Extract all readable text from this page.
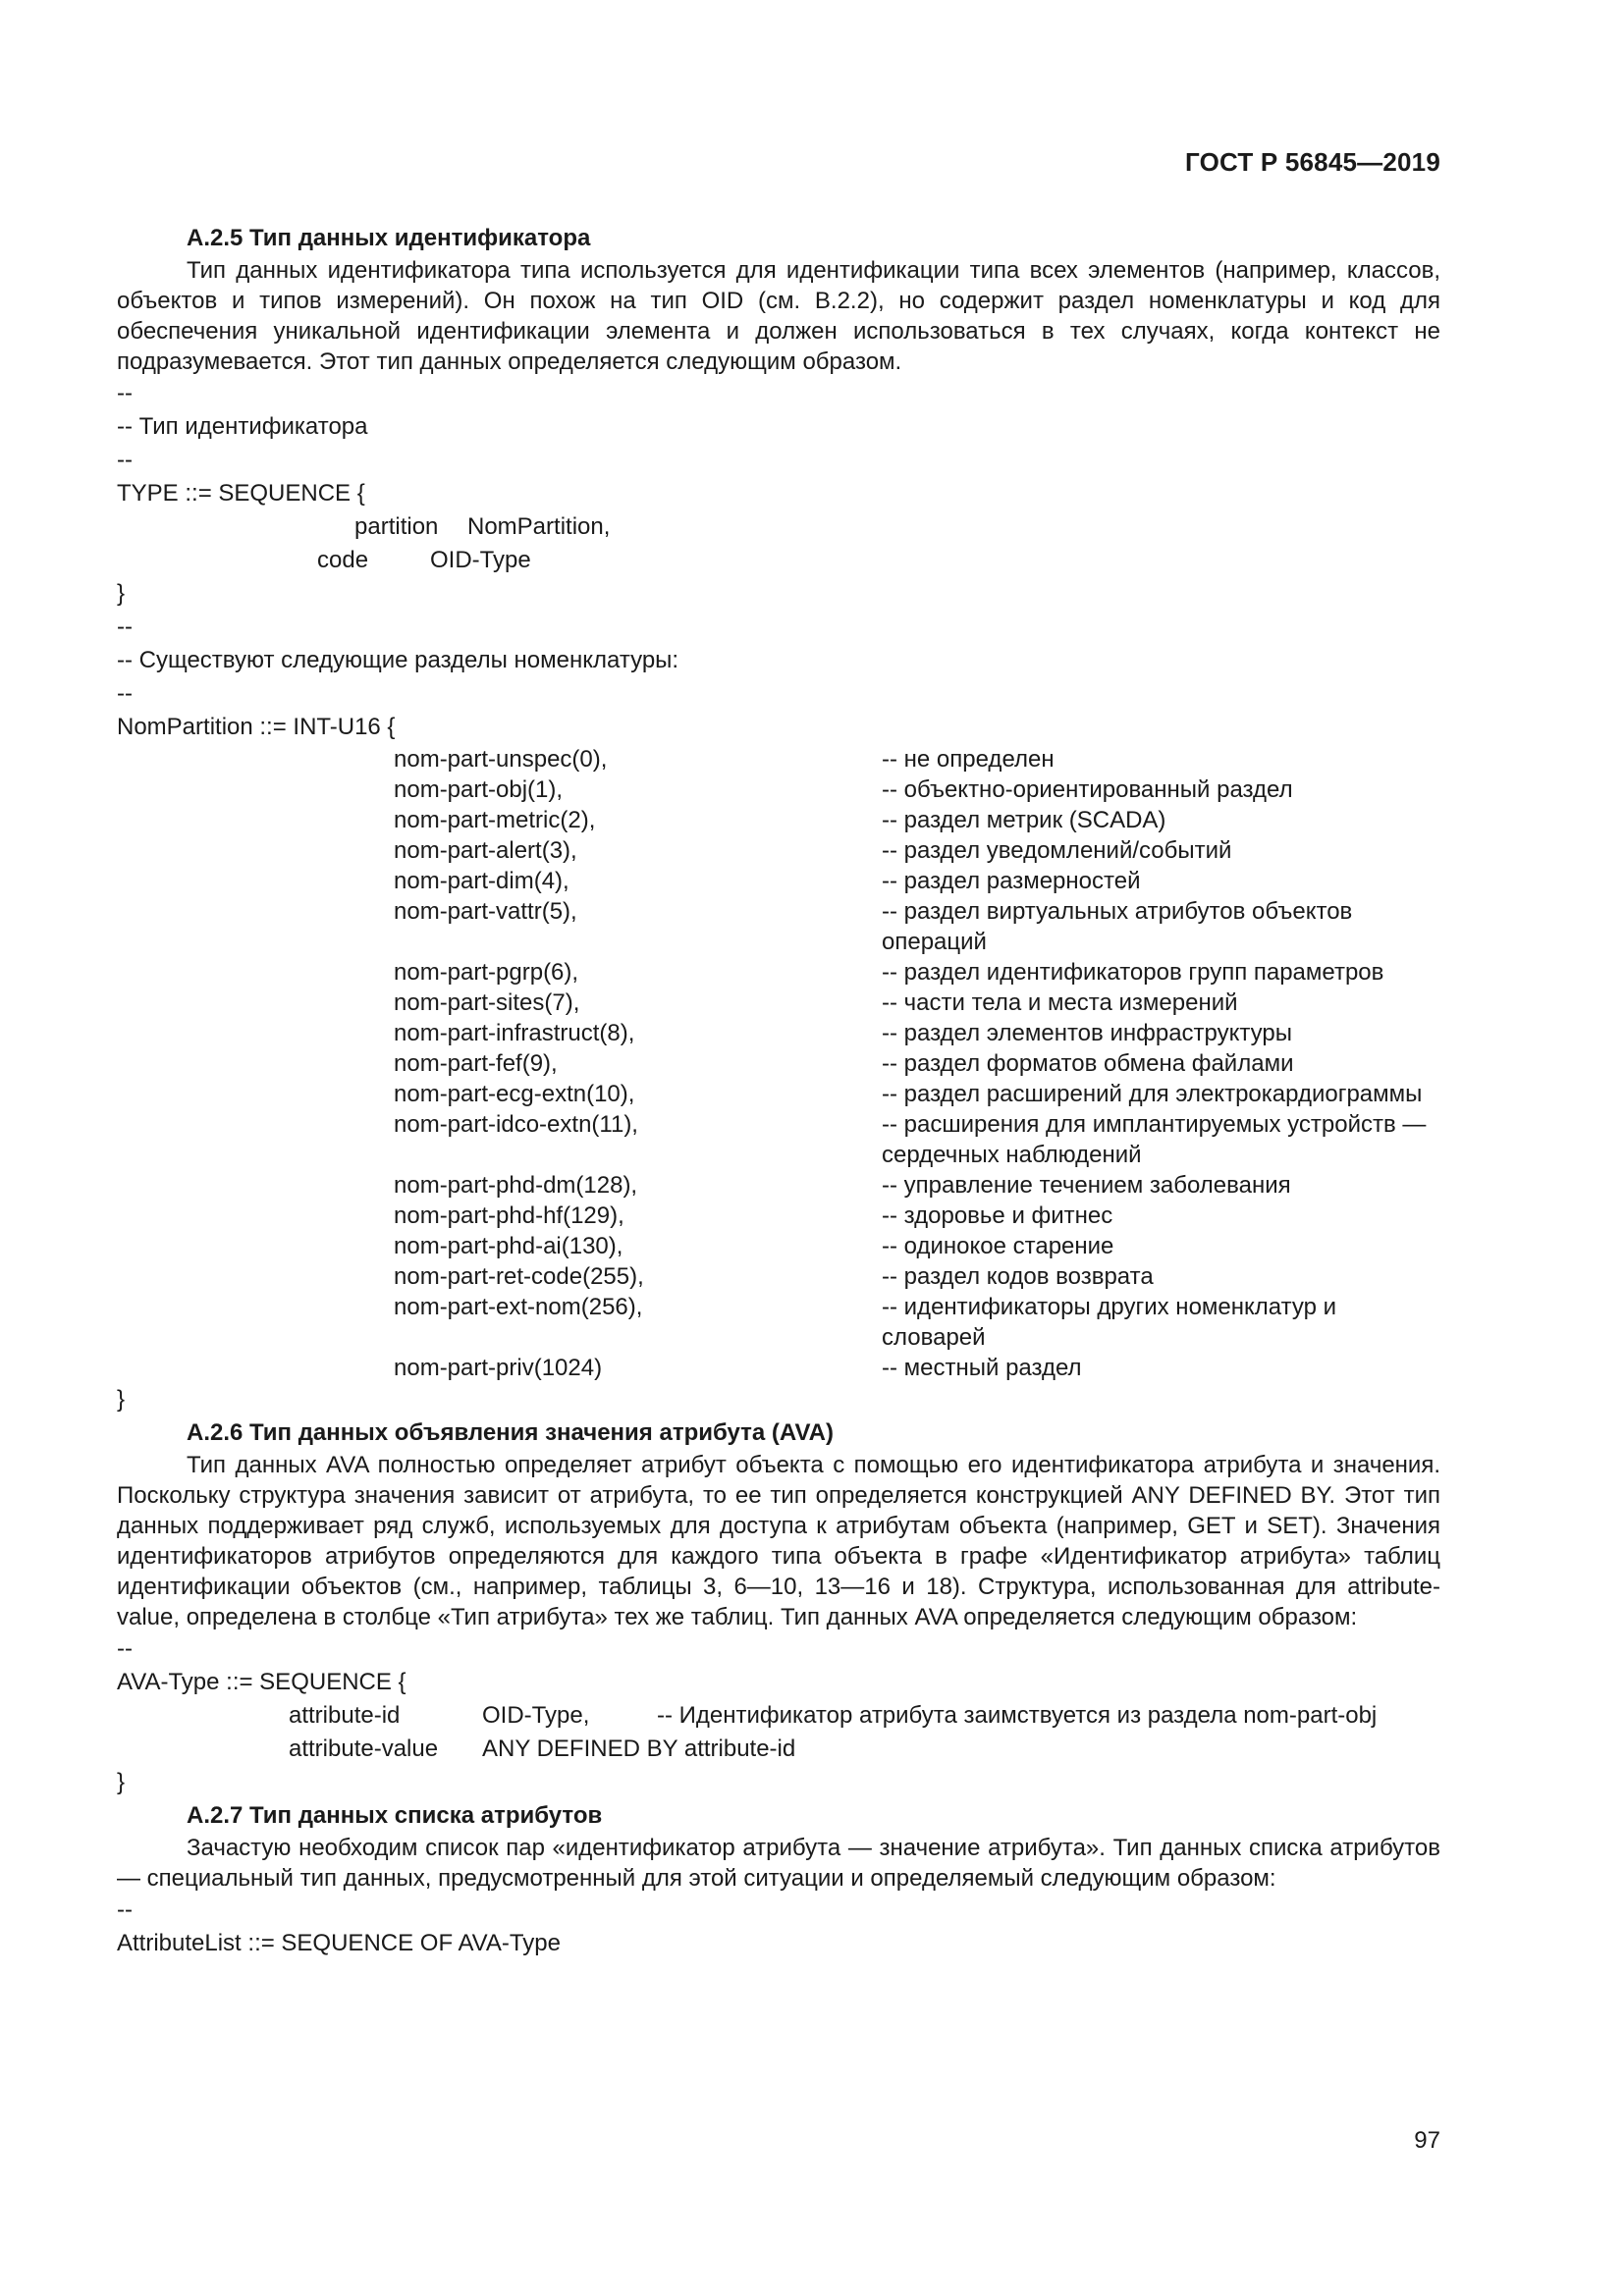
ГОСТ Р 56845—2019

А.2.5 Тип данных идентификатора

Тип данных идентификатора типа используется для идентификации типа всех элементов (например, классов, объектов и типов измерений). Он похож на тип OID (см. В.2.2), но содержит раздел номенклатуры и код для обеспечения уникальной идентификации элемента и должен использоваться в тех случаях, когда контекст не подразумевается. Этот тип данных определяется следующим образом.

--

-- Тип идентификатора

--

TYPE ::= SEQUENCE {

partition NomPartition,
code	OID-Type

}

--

-- Существуют следующие разделы номенклатуры:

--

NomPartition ::= INT-U16 {

nom-part-unspec(0),	-- не определен
nom-part-obj(1),	-- объектно-ориентированный раздел
nom-part-metric(2),	-- раздел метрик (SCADA)
nom-part-alert(3),	-- раздел уведомлений/событий
nom-part-dim(4),	-- раздел размерностей
nom-part-vattr(5),	-- раздел виртуальных атрибутов объектов операций
nom-part-pgrp(6),	-- раздел идентификаторов групп параметров
nom-part-sites(7),	-- части тела и места измерений
nom-part-infrastruct(8),	-- раздел элементов инфраструктуры
nom-part-fef(9),	-- раздел форматов обмена файлами
nom-part-ecg-extn(10),	-- раздел расширений для электрокардиограммы
nom-part-idco-extn(11),	-- расширения для имплантируемых устройств — сердечных наблюдений
nom-part-phd-dm(128),	-- управление течением заболевания
nom-part-phd-hf(129),	-- здоровье и фитнес
nom-part-phd-ai(130),	-- одинокое старение
nom-part-ret-code(255),	-- раздел кодов возврата
nom-part-ext-nom(256),	-- идентификаторы других номенклатур и словарей
nom-part-priv(1024)	-- местный раздел

}

А.2.6 Тип данных объявления значения атрибута (AVA)

Тип данных AVA полностью определяет атрибут объекта с помощью его идентификатора атрибута и значения. Поскольку структура значения зависит от атрибута, то ее тип определяется конструкцией ANY DEFINED BY. Этот тип данных поддерживает ряд служб, используемых для доступа к атрибутам объекта (например, GET и SET). Значения идентификаторов атрибутов определяются для каждого типа объекта в графе «Идентификатор атрибута» таблиц идентификации объектов (см., например, таблицы 3, 6—10, 13—16 и 18). Структура, использованная для attribute-value, определена в столбце «Тип атрибута» тех же таблиц. Тип данных AVA определяется следующим образом:

--

AVA-Type ::= SEQUENCE {

attribute-id	OID-Type,	-- Идентификатор атрибута заимствуется из раздела nom-part-obj
attribute-value ANY DEFINED BY attribute-id

}

А.2.7 Тип данных списка атрибутов

Зачастую необходим список пар «идентификатор атрибута — значение атрибута». Тип данных списка атрибутов — специальный тип данных, предусмотренный для этой ситуации и определяемый следующим образом:

--

AttributeList ::= SEQUENCE OF AVA-Type

97
